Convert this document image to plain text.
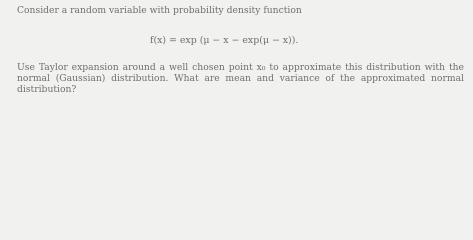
Consider a random variable with probability density function
f(x) = exp (μ − x − exp(μ − x)).
Use Taylor expansion around a well chosen point x₀ to approximate this distribution with the
normal (Gaussian) distribution. What are mean and variance of the approximated normal
distribution?
